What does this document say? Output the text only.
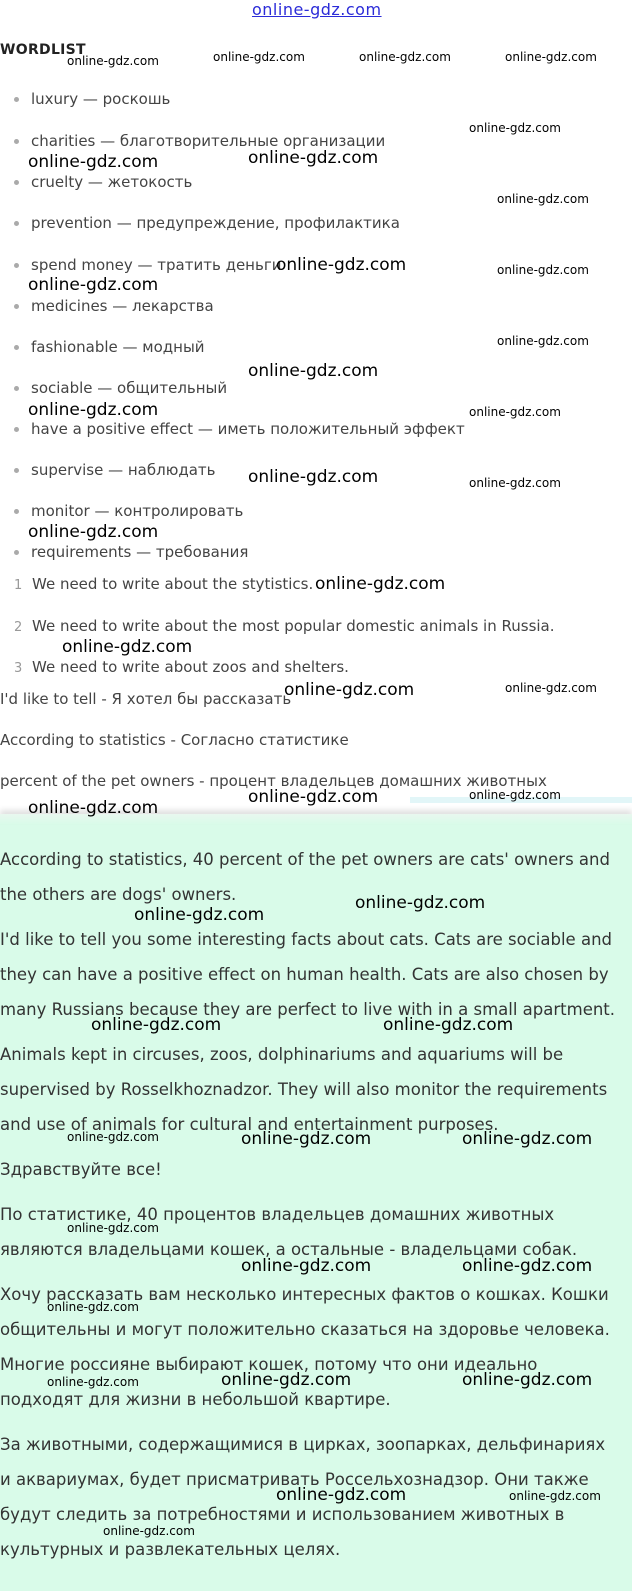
online-gdz.com
WORDLIST
luxury — роскошь
charities — благотворительные организации
cruelty — жетокость
prevention — предупреждение, профилактика
spend money — тратить деньги
medicines — лекарства
fashionable — модный
sociable — общительный
have a positive effect — иметь положительный эффект
supervise — наблюдать
monitor — контролировать
requirements — требования
1 We need to write about the stytistics.
2 We need to write about the most popular domestic animals in Russia.
3 We need to write about zoos and shelters.
I'd like to tell - Я хотел бы рассказать
According to statistics - Согласно статистике
percent of the pet owners - процент владельцев домашних животных
According to statistics, 40 percent of the pet owners are cats' owners and the others are dogs' owners.
I'd like to tell you some interesting facts about cats. Cats are sociable and they can have a positive effect on human health. Cats are also chosen by many Russians because they are perfect to live with in a small apartment.
Animals kept in circuses, zoos, dolphinariums and aquariums will be supervised by Rosselkhoznadzor. They will also monitor the requirements and use of animals for cultural and entertainment purposes.
Здравствуйте все!
По статистике, 40 процентов владельцев домашних животных являются владельцами кошек, а остальные - владельцами собак.
Хочу рассказать вам несколько интересных фактов о кошках. Кошки общительны и могут положительно сказаться на здоровье человека.
Многие россияне выбирают кошек, потому что они идеально подходят для жизни в небольшой квартире.
За животными, содержащимися в цирках, зоопарках, дельфинариях и аквариумах, будет присматривать Россельхознадзор. Они также будут следить за потребностями и использованием животных в культурных и развлекательных целях.
online-gdz.com	online-gdz.com	online-gdz.com	online-gdz.com
online-gdz.com
online-gdz.com	online-gdz.com
online-gdz.com
online-gdz.com	online-gdz.com
online-gdz.com
online-gdz.com
online-gdz.com
online-gdz.com	online-gdz.com
online-gdz.com	online-gdz.com
online-gdz.com
online-gdz.com
online-gdz.com
online-gdz.com	online-gdz.com
online-gdz.com	online-gdz.com
online-gdz.com
online-gdz.com
online-gdz.com
online-gdz.com	online-gdz.com
online-gdz.com	online-gdz.com	online-gdz.com
online-gdz.com
online-gdz.com	online-gdz.com
online-gdz.com
online-gdz.com	online-gdz.com	online-gdz.com
online-gdz.com	online-gdz.com
online-gdz.com
